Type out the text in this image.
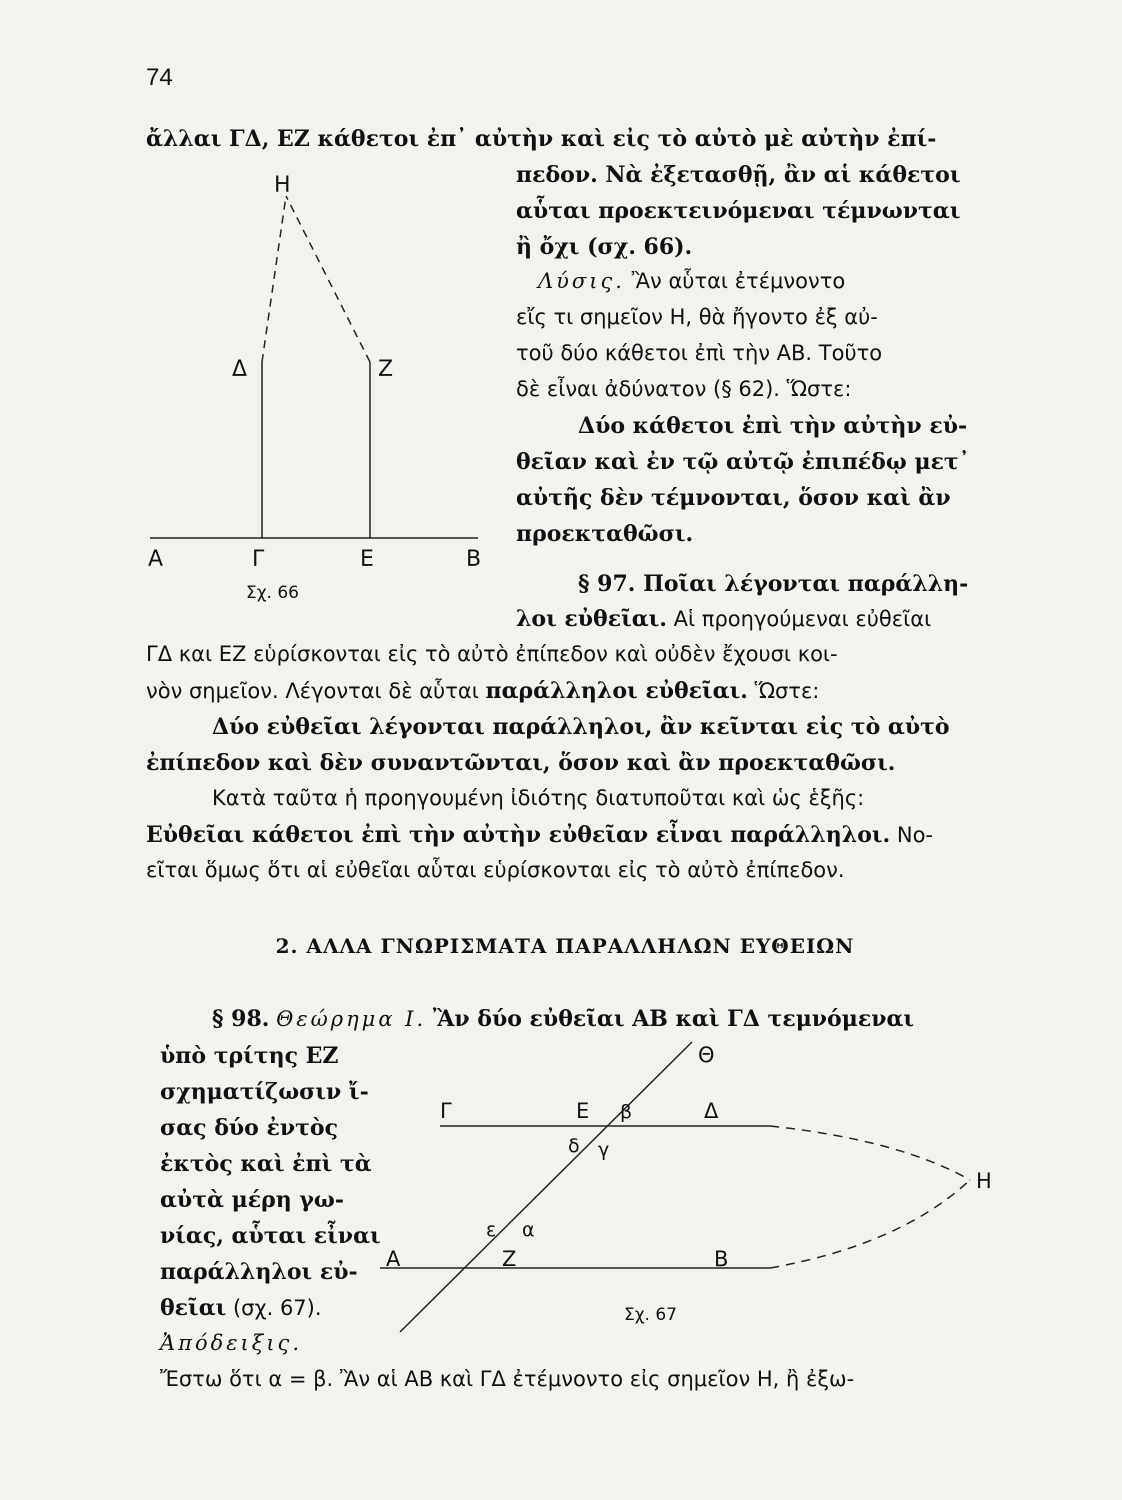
74
ἄλλαι ΓΔ, ΕΖ κάθετοι ἐπ᾽ αὐτὴν καὶ εἰς τὸ αὐτὸ μὲ αὐτὴν ἐπί-
πεδον. Νὰ ἐξετασθῇ, ἂν αἱ κάθετοι
αὗται προεκτεινόμεναι τέμνωνται
ἢ ὄχι (σχ. 66).
Λύσις. Ἂν αὗται ἐτέμνοντο
εἴς τι σημεῖον Η, θὰ ἤγοντο ἐξ αὐ-
τοῦ δύο κάθετοι ἐπὶ τὴν ΑΒ. Τοῦτο
δὲ εἶναι ἀδύνατον (§ 62). Ὥστε:
Δύο κάθετοι ἐπὶ τὴν αὐτὴν εὐ-
θεῖαν καὶ ἐν τῷ αὐτῷ ἐπιπέδῳ μετ᾽
αὐτῆς δὲν τέμνονται, ὅσον καὶ ἂν
προεκταθῶσι.
Η
Δ	Ζ
Α	Γ	Ε	Β
Σχ. 66	§ 97. Ποῖαι λέγονται παράλλη-
λοι εὐθεῖαι. Αἱ προηγούμεναι εὐθεῖαι
ΓΔ και ΕΖ εὑρίσκονται εἰς τὸ αὐτὸ ἐπίπεδον καὶ οὐδὲν ἔχουσι κοι-
νὸν σημεῖον. Λέγονται δὲ αὗται παράλληλοι εὐθεῖαι. Ὥστε:
Δύο εὐθεῖαι λέγονται παράλληλοι, ἂν κεῖνται εἰς τὸ αὐτὸ
ἐπίπεδον καὶ δὲν συναντῶνται, ὅσον καὶ ἂν προεκταθῶσι.
Κατὰ ταῦτα ἡ προηγουμένη ἰδιότης διατυποῦται καὶ ὡς ἑξῆς:
Εὐθεῖαι κάθετοι ἐπὶ τὴν αὐτὴν εὐθεῖαν εἶναι παράλληλοι. Νο-
εῖται ὅμως ὅτι αἱ εὐθεῖαι αὗται εὑρίσκονται εἰς τὸ αὐτὸ ἐπίπεδον.
2. ΑΛΛΑ ΓΝΩΡΙΣΜΑΤΑ ΠΑΡΑΛΛΗΛΩΝ ΕΥΘΕΙΩΝ
§ 98. Θεώρημα Ι. Ἂν δύο εὐθεῖαι ΑΒ καὶ ΓΔ τεμνόμεναι
ὑπὸ τρίτης ΕΖ
σχηματίζωσιν ἴ-
σας δύο ἐντὸς
ἐκτὸς καὶ ἐπὶ τὰ
αὐτὰ μέρη γω-
νίας, αὗται εἶναι
παράλληλοι εὐ-
θεῖαι (σχ. 67).
Ἀπόδειξις.
Ἔστω ὅτι α = β. Ἂν αἱ ΑΒ καὶ ΓΔ ἐτέμνοντο εἰς σημεῖον Η, ἢ ἐξω-
Θ
Γ	Ε β	Δ
δ γ
Η
ε α
Α	Ζ	Β
Σχ. 67
